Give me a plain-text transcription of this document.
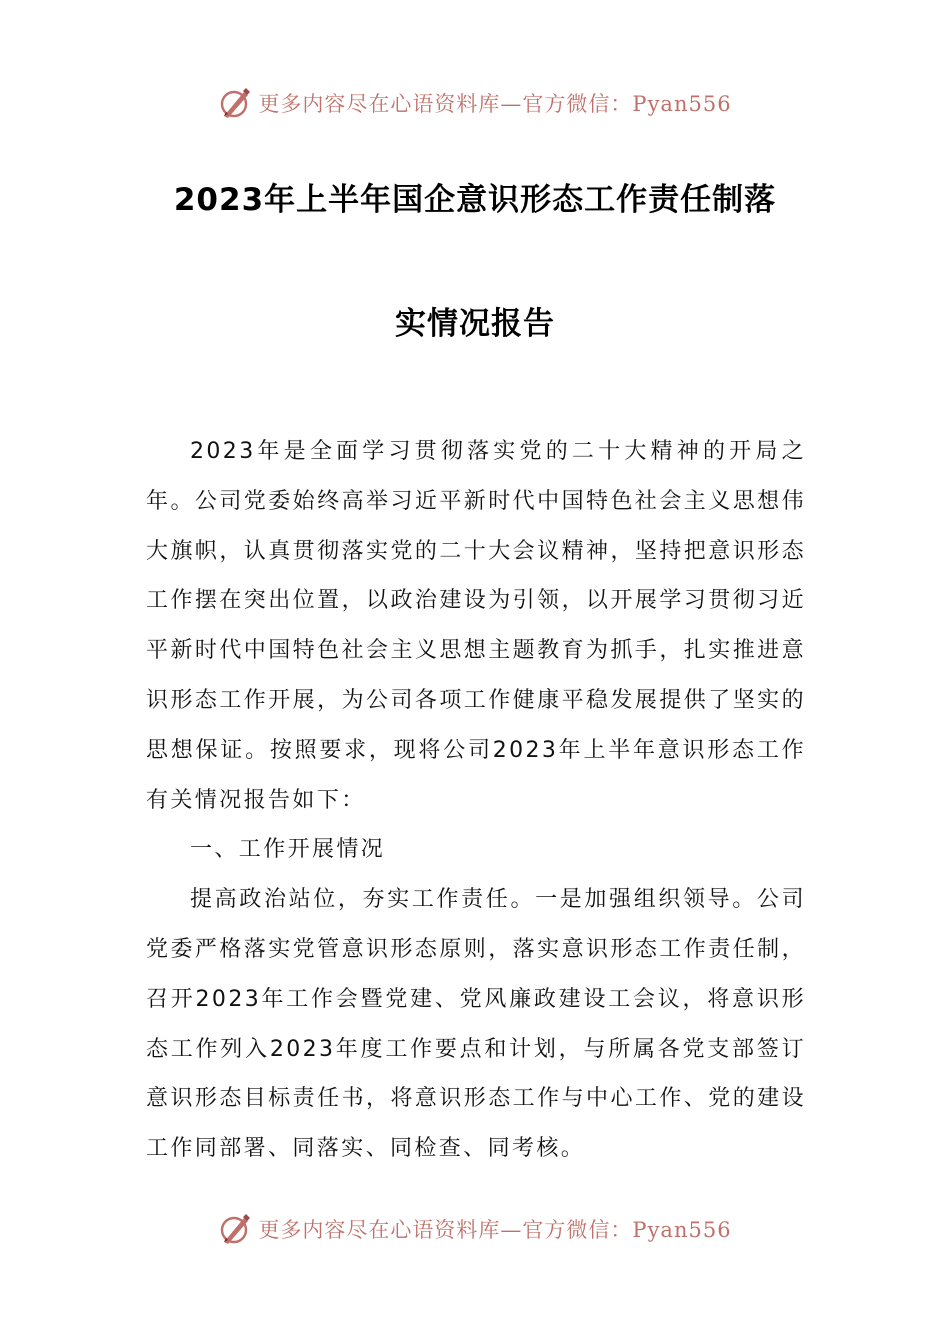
更多内容尽在心语资料库—官方微信：Pyan556
2023年上半年国企意识形态工作责任制落
实情况报告

2023年是全面学习贯彻落实党的二十大精神的开局之年。公司党委始终高举习近平新时代中国特色社会主义思想伟大旗帜，认真贯彻落实党的二十大会议精神，坚持把意识形态工作摆在突出位置，以政治建设为引领，以开展学习贯彻习近平新时代中国特色社会主义思想主题教育为抓手，扎实推进意识形态工作开展，为公司各项工作健康平稳发展提供了坚实的思想保证。按照要求，现将公司2023年上半年意识形态工作有关情况报告如下：

一、工作开展情况

提高政治站位，夯实工作责任。一是加强组织领导。公司党委严格落实党管意识形态原则，落实意识形态工作责任制，召开2023年工作会暨党建、党风廉政建设工会议，将意识形态工作列入2023年度工作要点和计划，与所属各党支部签订意识形态目标责任书，将意识形态工作与中心工作、党的建设工作同部署、同落实、同检查、同考核。

更多内容尽在心语资料库—官方微信：Pyan556
